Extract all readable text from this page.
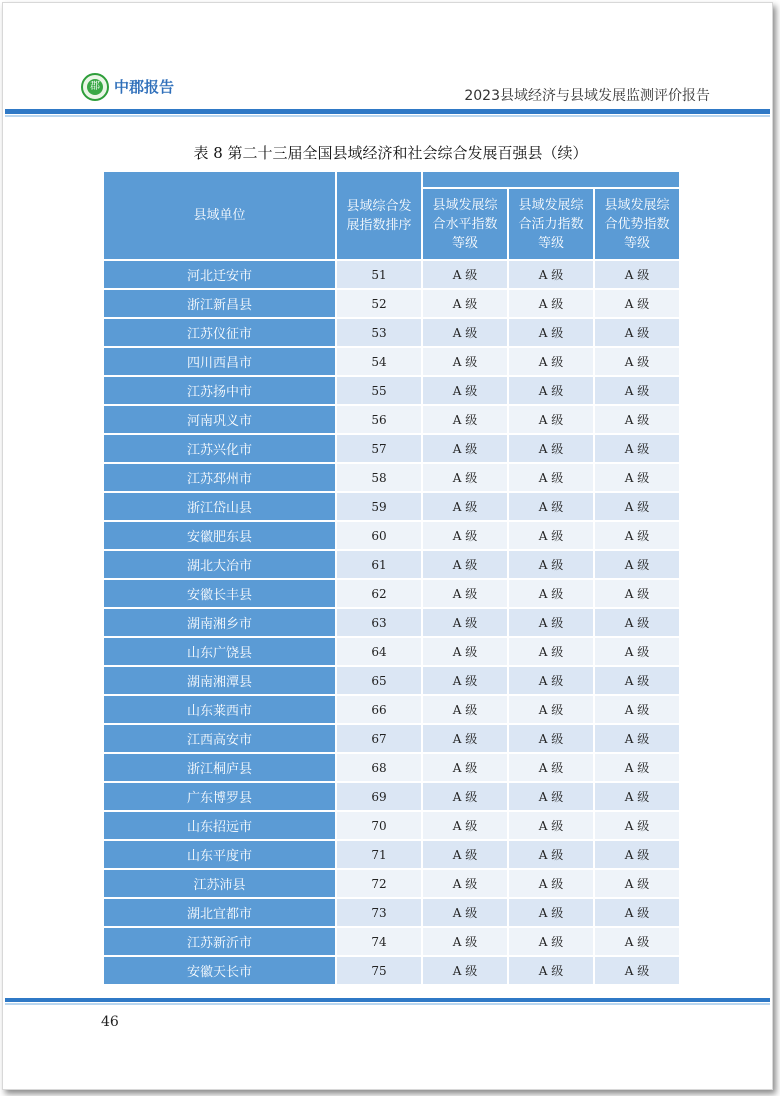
郡 中郡报告	2023县域经济与县域发展监测评价报告
表 8 第二十三届全国县域经济和社会综合发展百强县（续）
县域单位	县域综合发展指数排序			
		县域发展综合水平指数等级	县域发展综合活力指数等级	县域发展综合优势指数等级
河北迁安市	51	A 级	A 级	A 级
浙江新昌县	52	A 级	A 级	A 级
江苏仪征市	53	A 级	A 级	A 级
四川西昌市	54	A 级	A 级	A 级
江苏扬中市	55	A 级	A 级	A 级
河南巩义市	56	A 级	A 级	A 级
江苏兴化市	57	A 级	A 级	A 级
江苏邳州市	58	A 级	A 级	A 级
浙江岱山县	59	A 级	A 级	A 级
安徽肥东县	60	A 级	A 级	A 级
湖北大冶市	61	A 级	A 级	A 级
安徽长丰县	62	A 级	A 级	A 级
湖南湘乡市	63	A 级	A 级	A 级
山东广饶县	64	A 级	A 级	A 级
湖南湘潭县	65	A 级	A 级	A 级
山东莱西市	66	A 级	A 级	A 级
江西高安市	67	A 级	A 级	A 级
浙江桐庐县	68	A 级	A 级	A 级
广东博罗县	69	A 级	A 级	A 级
山东招远市	70	A 级	A 级	A 级
山东平度市	71	A 级	A 级	A 级
江苏沛县	72	A 级	A 级	A 级
湖北宜都市	73	A 级	A 级	A 级
江苏新沂市	74	A 级	A 级	A 级
安徽天长市	75	A 级	A 级	A 级
46
